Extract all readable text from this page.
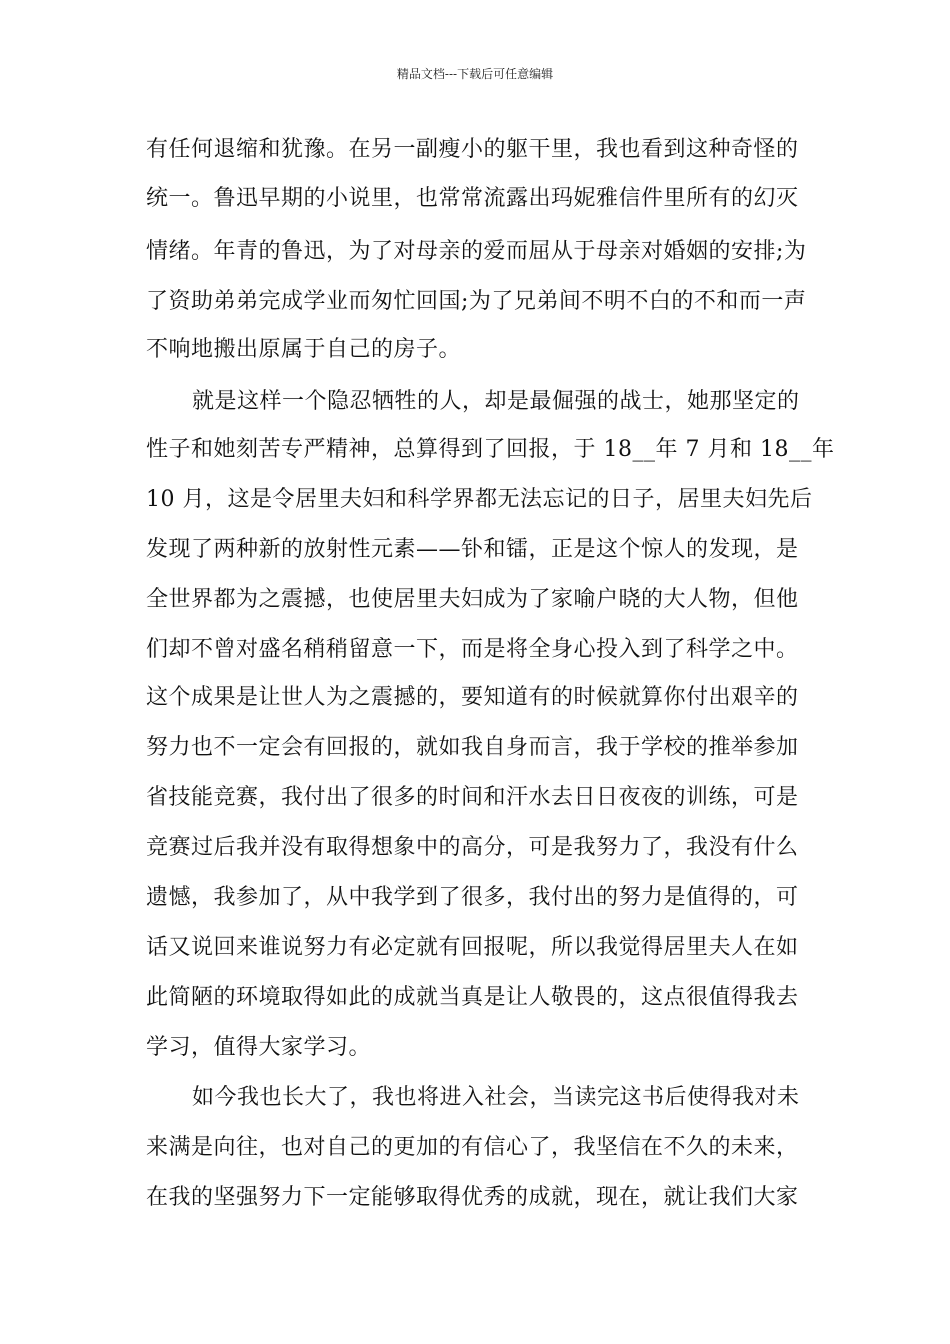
精品文档---下载后可任意编辑
有任何退缩和犹豫。在另一副瘦小的躯干里，我也看到这种奇怪的
统一。鲁迅早期的小说里，也常常流露出玛妮雅信件里所有的幻灭
情绪。年青的鲁迅，为了对母亲的爱而屈从于母亲对婚姻的安排;为
了资助弟弟完成学业而匆忙回国;为了兄弟间不明不白的不和而一声
不响地搬出原属于自己的房子。
就是这样一个隐忍牺牲的人，却是最倔强的战士，她那坚定的
性子和她刻苦专严精神，总算得到了回报，于 18__年 7 月和 18__年
10 月，这是令居里夫妇和科学界都无法忘记的日子，居里夫妇先后
发现了两种新的放射性元素——钋和镭，正是这个惊人的发现，是
全世界都为之震撼，也使居里夫妇成为了家喻户晓的大人物，但他
们却不曾对盛名稍稍留意一下，而是将全身心投入到了科学之中。
这个成果是让世人为之震撼的，要知道有的时候就算你付出艰辛的
努力也不一定会有回报的，就如我自身而言，我于学校的推举参加
省技能竞赛，我付出了很多的时间和汗水去日日夜夜的训练，可是
竞赛过后我并没有取得想象中的高分，可是我努力了，我没有什么
遗憾，我参加了，从中我学到了很多，我付出的努力是值得的，可
话又说回来谁说努力有必定就有回报呢，所以我觉得居里夫人在如
此简陋的环境取得如此的成就当真是让人敬畏的，这点很值得我去
学习，值得大家学习。
如今我也长大了，我也将进入社会，当读完这书后使得我对未
来满是向往，也对自己的更加的有信心了，我坚信在不久的未来，
在我的坚强努力下一定能够取得优秀的成就，现在，就让我们大家
